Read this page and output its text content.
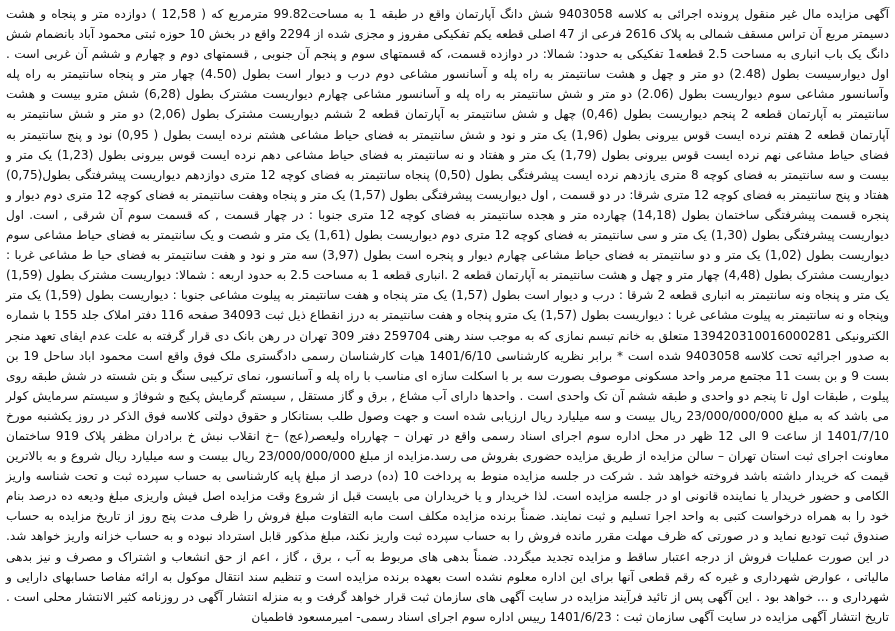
آگهی مزایده مال غیر منقول پرونده اجرائی به کلاسه 9403058 شش دانگ آپارتمان واقع در طبقه 1 به مساحت99.82 مترمربع که ( 12,58 ) دوازده متر و پنجاه و هشت دسیمتر مربع آن تراس مسقف شمالی به پلاک 2616 فرعی از 47 اصلی قطعه یکم تفکیکی مفروز و مجزی شده از 2294 واقع در بخش 10 حوزه ثبتی محمود آباد بانضمام شش دانگ یک باب انباری به مساحت 2.5 قطعه1 تفکیکی به حدود: شمالا: در دوازده قسمت، که قسمتهای سوم و پنجم آن جنوبی , قسمتهای دوم و چهارم و ششم آن غربی است . اول دیوارسیست بطول (2.48) دو متر و چهل و هشت سانتیمتر به راه پله و آسانسور مشاعی دوم درب و دیوار است بطول (4.50) چهار متر و پنجاه سانتیمتر به راه پله وآسانسور مشاعی سوم دیواریست بطول (2.06) دو متر و شش سانتیمتر به راه پله و آسانسور مشاعی چهارم دیواریست مشترک بطول (6,28) شش مترو بیست و هشت سانتیمتر به آپارتمان قطعه 2 پنجم دیواریست بطول (0,46) چهل و شش سانتیمتر به آپارتمان قطعه 2 ششم دیواریست مشترک بطول (2,06) دو متر و شش سانتیمتر به آپارتمان قطعه 2 هفتم نرده ایست قوس بیرونی بطول (1,96) یک متر و نود و شش سانتیمتر به فضای حیاط مشاعی هشتم نرده ایست بطول ( 0,95) نود و پنج سانتیمتر به فضای حیاط مشاعی نهم نرده ایست قوس بیرونی بطول (1,79) یک متر و هفتاد و نه سانتیمتر به فضای حیاط مشاعی دهم نرده ایست قوس بیرونی بطول (1,23) یک متر و بیست و سه سانتیمتر به فضای کوچه 8 متری یازدهم نرده ایست پیشرفتگی بطول (0,50) پنجاه سانتیمتر به فضای کوچه 12 متری دوازدهم دیواریست پیشرفتگی بطول(0,75) هفتاد و پنج سانتیمتر به فضای کوچه 12 متری شرقا: در دو قسمت , اول دیواریست پیشرفتگی بطول (1,57) یک متر و پنجاه وهفت سانتیمتر به فضای کوچه 12 متری دوم دیوار و پنجره قسمت پیشرفتگی ساختمان بطول (14,18) چهارده متر و هجده سانتیمتر به فضای کوچه 12 متری جنوبا : در چهار قسمت , که قسمت سوم آن شرقی , است. اول دیواریست پیشرفتگی بطول (1,30) یک متر و سی سانتیمتر به فضای کوچه 12 متری دوم دیواریست بطول (1,61) یک متر و شصت و یک سانتیمتر به فضای حیاط مشاعی سوم دیواریست بطول (1,02) یک متر و دو سانتیمتر به فضای حیاط مشاعی چهارم دیوار و پنجره است بطول (3,97) سه متر و نود و هفت سانتیمتر به فضای حیا ط مشاعی غربا : دیواریست مشترک بطول (4,48) چهار متر و چهل و هشت سانتیمتر به آپارتمان قطعه 2 .انباری قطعه 1 به مساحت 2.5 به حدود اربعه : شمالا: دیواریست مشترک بطول (1,59) یک متر و پنجاه ونه سانتیمتر به انباری قطعه 2 شرقا : درب و دیوار است بطول (1,57) یک متر پنجاه و هفت سانتیمتر به پیلوت مشاعی جنوبا : دیواریست بطول (1,59) یک متر وپنجاه و نه سانتیمتر به پیلوت مشاعی غربا : دیواریست بطول (1,57) یک مترو پنجاه و هفت سانتیمتر به درز انقطاع ذیل ثبت 34093 صفحه 116 دفتر املاک جلد 155 با شماره الکترونیکی 139420310016000281 متعلق به خانم تبسم نمازی که به موجب سند رهنی 259704 دفتر 309 تهران در رهن بانک دی قرار گرفته به علت عدم ایفای تعهد منجر به صدور اجرائیه تحت کلاسه 9403058 شده است * برابر نظریه کارشناسی 1401/6/10 هیات کارشناسان رسمی دادگستری ملک فوق واقع است محمود اباد ساحل 19 بن بست 9 و بن بست 11 مجتمع مرمر واحد مسکونی موصوف بصورت سه بر با اسکلت سازه ای مناسب با راه پله و آسانسور، نمای ترکیبی سنگ و بتن شسته در شش طبقه روی پیلوت , طبقات اول تا پنجم دو واحدی و طبقه ششم آن تک واحدی است . واحدها دارای آب مشاع , برق و گاز مستقل , سیستم گرمایش پکیج و شوفاژ و سیستم سرمایش کولر می باشد که به مبلغ 23/000/000/000 ریال بیست و سه میلیارد ریال ارزیابی شده است و جهت وصول طلب بستانکار و حقوق دولتی کلاسه فوق الذکر در روز یکشنبه مورخ 1401/7/10 از ساعت 9 الی 12 ظهر در محل اداره سوم اجرای اسناد رسمی واقع در تهران – چهارراه ولیعصر(عج) –خ انقلاب نبش خ برادران مظفر پلاک 919 ساختمان معاونت اجرای ثبت استان تهران – سالن مزایده از طریق مزایده حضوری بفروش می رسد.مزایده از مبلغ 23/000/000/000 ریال بیست و سه میلیارد ریال شروع و به بالاترین قیمت که خریدار داشته باشد فروخته خواهد شد . شرکت در جلسه مزایده منوط به پرداخت 10 (ده) درصد از مبلغ پایه کارشناسی به حساب سپرده ثبت و تحت شناسه واریز الکامی و حضور خریدار یا نماینده قانونی او در جلسه مزایده است. لذا خریدار و یا خریداران می بایست قبل از شروع وقت مزایده اصل فیش واریزی مبلغ ودیعه ده درصد بنام خود را به همراه درخواست کتبی به واحد اجرا تسلیم و ثبت نمایند. ضمناً برنده مزایده مکلف است مابه التفاوت مبلغ فروش را ظرف مدت پنج روز از تاریخ مزایده به حساب صندوق ثبت تودیع نماید و در صورتی که ظرف مهلت مقرر مانده فروش را به حساب سپرده ثبت واریز نکند، مبلغ مذکور قابل استرداد نبوده و به حساب خزانه واریز خواهد شد. در این صورت عملیات فروش از درجه اعتبار ساقط و مزایده تجدید میگردد. ضمناً بدهی های مربوط به آب ، برق ، گاز ، اعم از حق انشعاب و اشتراک و مصرف و نیز بدهی مالیاتی ، عوارض شهرداری و غیره که رقم قطعی آنها برای این اداره معلوم نشده است بعهده برنده مزایده است و تنظیم سند انتقال موکول به ارائه مفاصا حسابهای دارایی و شهرداری و ... خواهد بود . این آگهی پس از تائید فرآیند مزایده در سایت آگهی های سازمان ثبت قرار خواهد گرفت و به منزله انتشار آگهی در روزنامه کثیر الانتشار محلی است . تاریخ انتشار آگهی مزایده در سایت آگهی سازمان ثبت : 1401/6/23 رییس اداره سوم اجرای اسناد رسمی- امیرمسعود فاطمیان
